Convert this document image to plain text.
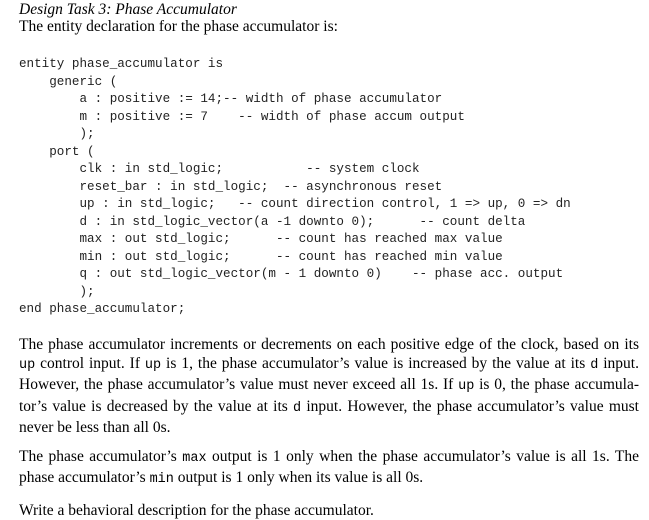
Design Task 3: Phase Accumulator
The entity declaration for the phase accumulator is:
entity phase_accumulator is
generic (
a : positive := 14;-- width of phase accumulator
m : positive := 7    -- width of phase accum output
);
port (
clk : in std_logic;           -- system clock
reset_bar : in std_logic;  -- asynchronous reset
up : in std_logic;   -- count direction control, 1 => up, 0 => dn
d : in std_logic_vector(a -1 downto 0);      -- count delta
max : out std_logic;      -- count has reached max value
min : out std_logic;      -- count has reached min value
q : out std_logic_vector(m - 1 downto 0)    -- phase acc. output
);
end phase_accumulator;
The phase accumulator increments or decrements on each positive edge of the clock, based on its
up control input. If up is 1, the phase accumulator’s value is increased by the value at its d input.
However, the phase accumulator’s value must never exceed all 1s. If up is 0, the phase accumula-
tor’s value is decreased by the value at its d input. However, the phase accumulator’s value must
never be less than all 0s.
The phase accumulator’s max output is 1 only when the phase accumulator’s value is all 1s. The
phase accumulator’s min output is 1 only when its value is all 0s.
Write a behavioral description for the phase accumulator.
